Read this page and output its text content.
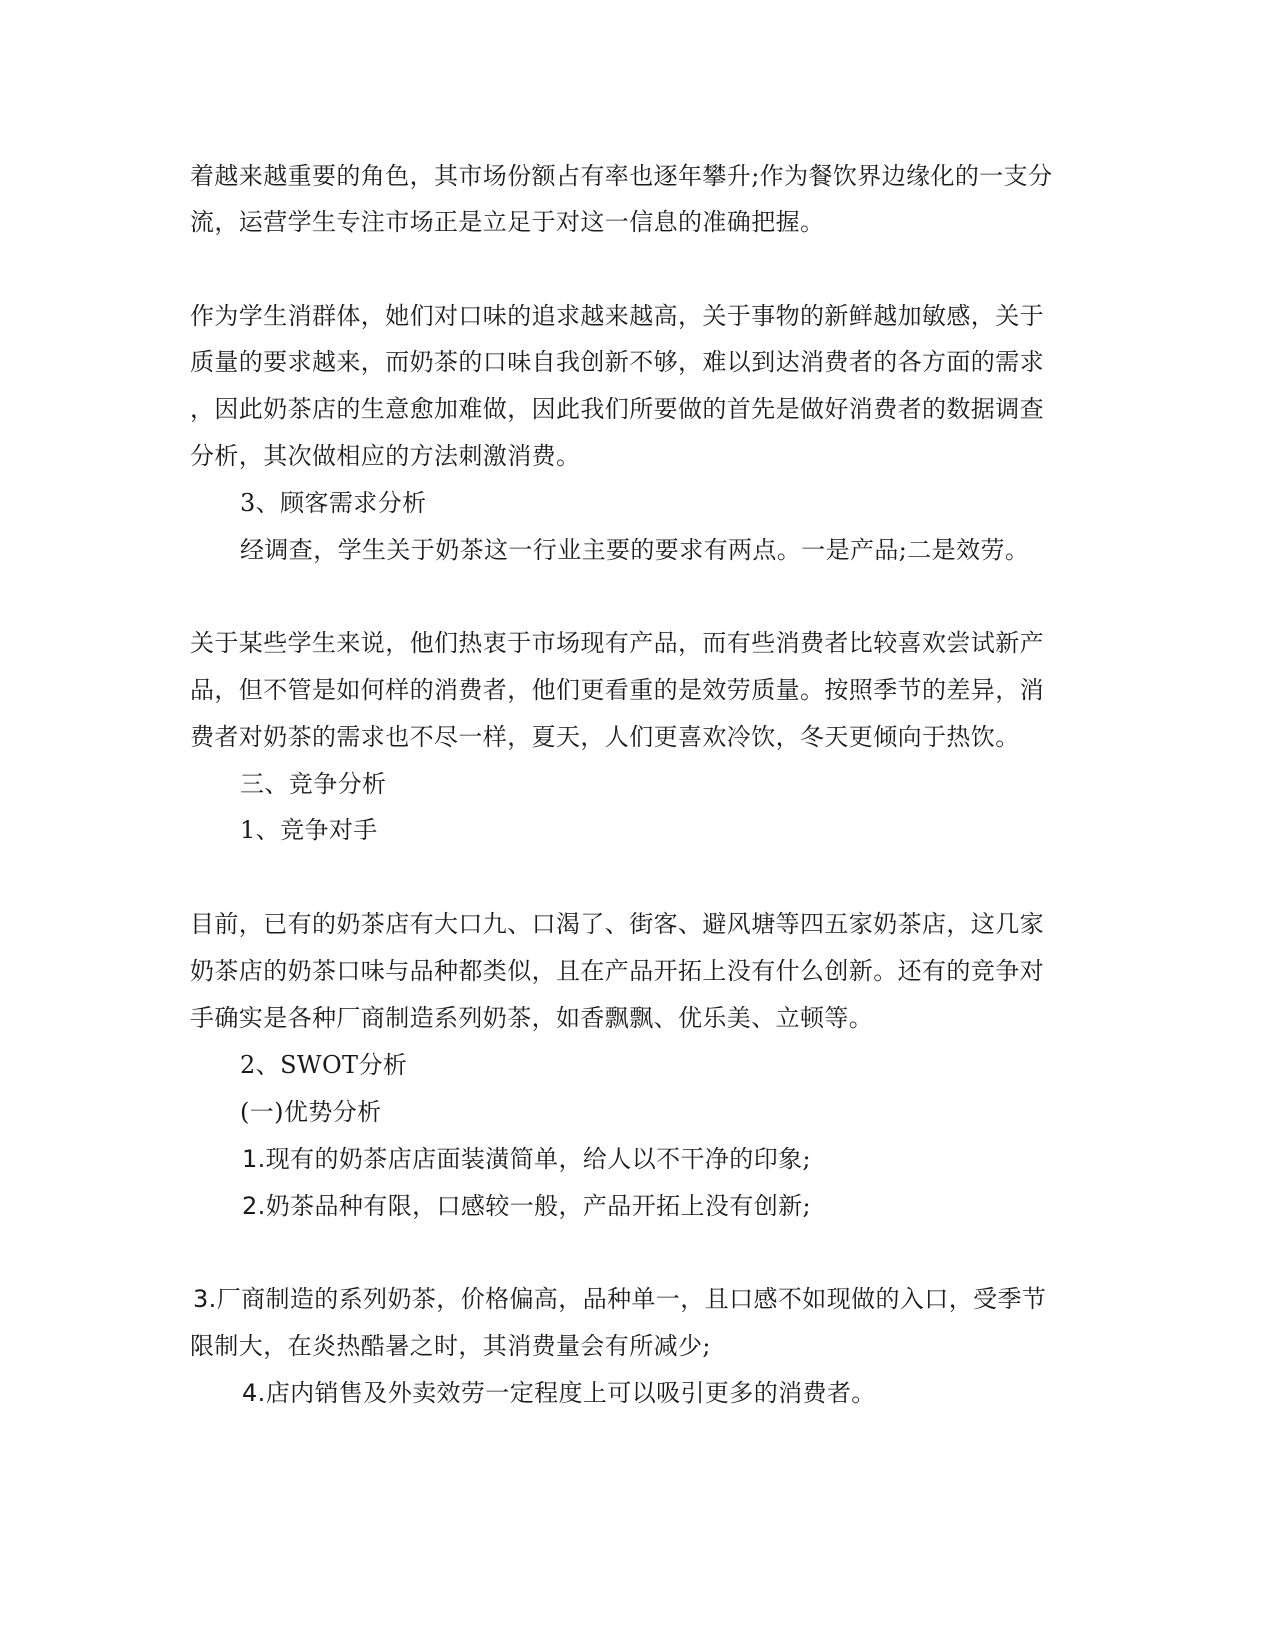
着越来越重要的角色，其市场份额占有率也逐年攀升;作为餐饮界边缘化的一支分
流，运营学生专注市场正是立足于对这一信息的准确把握。
作为学生消群体，她们对口味的追求越来越高，关于事物的新鲜越加敏感，关于
质量的要求越来，而奶茶的口味自我创新不够，难以到达消费者的各方面的需求
，因此奶茶店的生意愈加难做，因此我们所要做的首先是做好消费者的数据调查
分析，其次做相应的方法刺激消费。
3、顾客需求分析
经调查，学生关于奶茶这一行业主要的要求有两点。一是产品;二是效劳。
关于某些学生来说，他们热衷于市场现有产品，而有些消费者比较喜欢尝试新产
品，但不管是如何样的消费者，他们更看重的是效劳质量。按照季节的差异，消
费者对奶茶的需求也不尽一样，夏天，人们更喜欢冷饮，冬天更倾向于热饮。
三、竞争分析
1、竞争对手
目前，已有的奶茶店有大口九、口渴了、街客、避风塘等四五家奶茶店，这几家
奶茶店的奶茶口味与品种都类似，且在产品开拓上没有什么创新。还有的竞争对
手确实是各种厂商制造系列奶茶，如香飘飘、优乐美、立顿等。
2、SWOT分析
(一)优势分析
1.现有的奶茶店店面装潢简单，给人以不干净的印象;
2.奶茶品种有限，口感较一般，产品开拓上没有创新;
3.厂商制造的系列奶茶，价格偏高，品种单一，且口感不如现做的入口，受季节
限制大，在炎热酷暑之时，其消费量会有所减少;
4.店内销售及外卖效劳一定程度上可以吸引更多的消费者。
